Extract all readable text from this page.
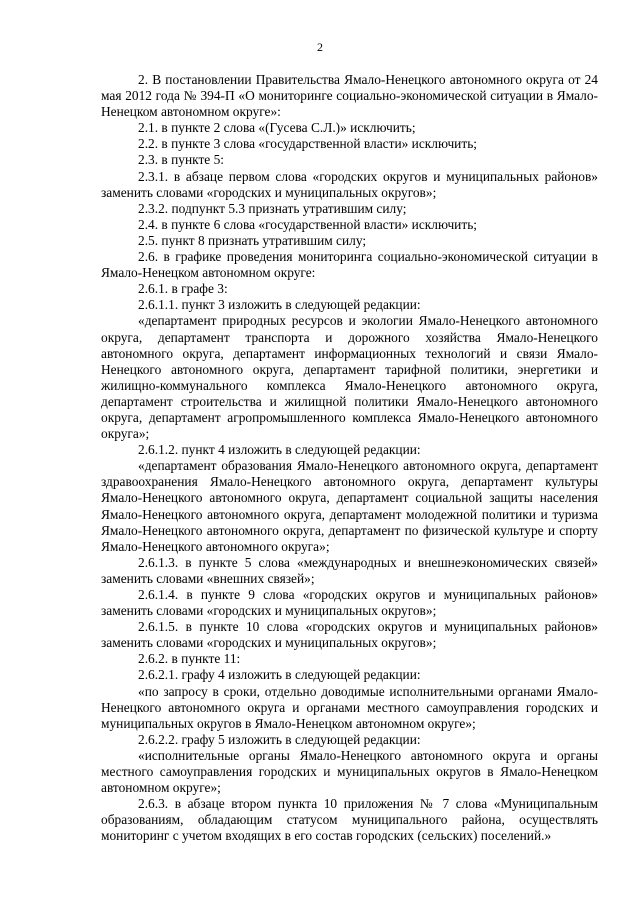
2

2. В постановлении Правительства Ямало-Ненецкого автономного округа от 24 мая 2012 года № 394-П «О мониторинге социально-экономической ситуации в Ямало-Ненецком автономном округе»:

2.1. в пункте 2 слова «(Гусева С.Л.)» исключить;

2.2. в пункте 3 слова «государственной власти» исключить;

2.3. в пункте 5:

2.3.1. в абзаце первом слова «городских округов и муниципальных районов» заменить словами «городских и муниципальных округов»;

2.3.2. подпункт 5.3 признать утратившим силу;

2.4. в пункте 6 слова «государственной власти» исключить;

2.5. пункт 8 признать утратившим силу;

2.6. в графике проведения мониторинга социально-экономической ситуации в Ямало-Ненецком автономном округе:

2.6.1. в графе 3:

2.6.1.1. пункт 3 изложить в следующей редакции:

«департамент природных ресурсов и экологии Ямало-Ненецкого автономного округа, департамент транспорта и дорожного хозяйства Ямало-Ненецкого автономного округа, департамент информационных технологий и связи Ямало-Ненецкого автономного округа, департамент тарифной политики, энергетики и жилищно-коммунального комплекса Ямало-Ненецкого автономного округа, департамент строительства и жилищной политики Ямало-Ненецкого автономного округа, департамент агропромышленного комплекса Ямало-Ненецкого автономного округа»;

2.6.1.2. пункт 4 изложить в следующей редакции:

«департамент образования Ямало-Ненецкого автономного округа, департамент здравоохранения Ямало-Ненецкого автономного округа, департамент культуры Ямало-Ненецкого автономного округа, департамент социальной защиты населения Ямало-Ненецкого автономного округа, департамент молодежной политики и туризма Ямало-Ненецкого автономного округа, департамент по физической культуре и спорту Ямало-Ненецкого автономного округа»;

2.6.1.3. в пункте 5 слова «международных и внешнеэкономических связей» заменить словами «внешних связей»;

2.6.1.4. в пункте 9 слова «городских округов и муниципальных районов» заменить словами «городских и муниципальных округов»;

2.6.1.5. в пункте 10 слова «городских округов и муниципальных районов» заменить словами «городских и муниципальных округов»;

2.6.2. в пункте 11:

2.6.2.1. графу 4 изложить в следующей редакции:

«по запросу в сроки, отдельно доводимые исполнительными органами Ямало-Ненецкого автономного округа и органами местного самоуправления городских и муниципальных округов в Ямало-Ненецком автономном округе»;

2.6.2.2. графу 5 изложить в следующей редакции:

«исполнительные органы Ямало-Ненецкого автономного округа и органы местного самоуправления городских и муниципальных округов в Ямало-Ненецком автономном округе»;

2.6.3. в абзаце втором пункта 10 приложения № 7 слова «Муниципальным образованиям, обладающим статусом муниципального района, осуществлять мониторинг с учетом входящих в его состав городских (сельских) поселений.»
